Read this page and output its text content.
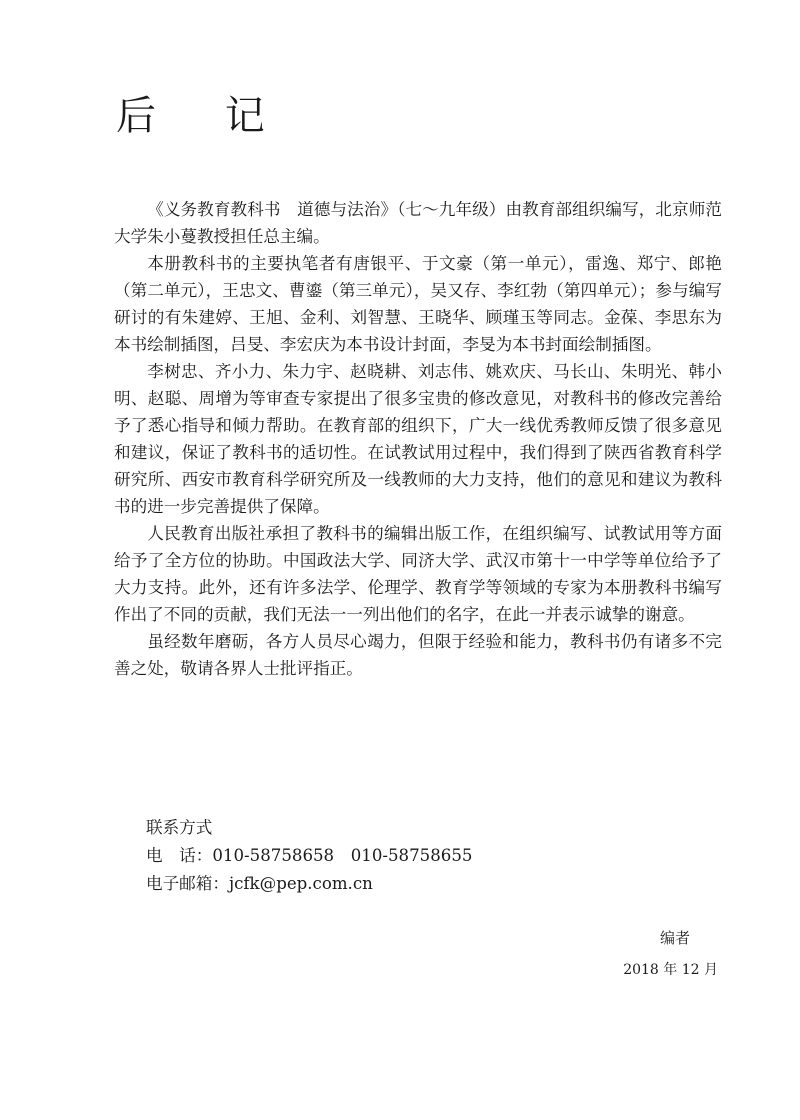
后 记

《义务教育教科书　道德与法治》（七～九年级）由教育部组织编写，北京师范大学朱小蔓教授担任总主编。

本册教科书的主要执笔者有唐银平、于文豪（第一单元），雷逸、郑宁、郎艳（第二单元），王忠文、曹鎏（第三单元），吴又存、李红勃（第四单元）；参与编写研讨的有朱建婷、王旭、金利、刘智慧、王晓华、顾瑾玉等同志。金葆、李思东为本书绘制插图，吕旻、李宏庆为本书设计封面，李旻为本书封面绘制插图。

李树忠、齐小力、朱力宇、赵晓耕、刘志伟、姚欢庆、马长山、朱明光、韩小明、赵聪、周增为等审查专家提出了很多宝贵的修改意见，对教科书的修改完善给予了悉心指导和倾力帮助。在教育部的组织下，广大一线优秀教师反馈了很多意见和建议，保证了教科书的适切性。在试教试用过程中，我们得到了陕西省教育科学研究所、西安市教育科学研究所及一线教师的大力支持，他们的意见和建议为教科书的进一步完善提供了保障。

人民教育出版社承担了教科书的编辑出版工作，在组织编写、试教试用等方面给予了全方位的协助。中国政法大学、同济大学、武汉市第十一中学等单位给予了大力支持。此外，还有许多法学、伦理学、教育学等领域的专家为本册教科书编写作出了不同的贡献，我们无法一一列出他们的名字，在此一并表示诚挚的谢意。

虽经数年磨砺，各方人员尽心竭力，但限于经验和能力，教科书仍有诸多不完善之处，敬请各界人士批评指正。

联系方式
电　话：010-58758658　010-58758655
电子邮箱：jcfk@pep.com.cn
编者
2018 年 12 月
